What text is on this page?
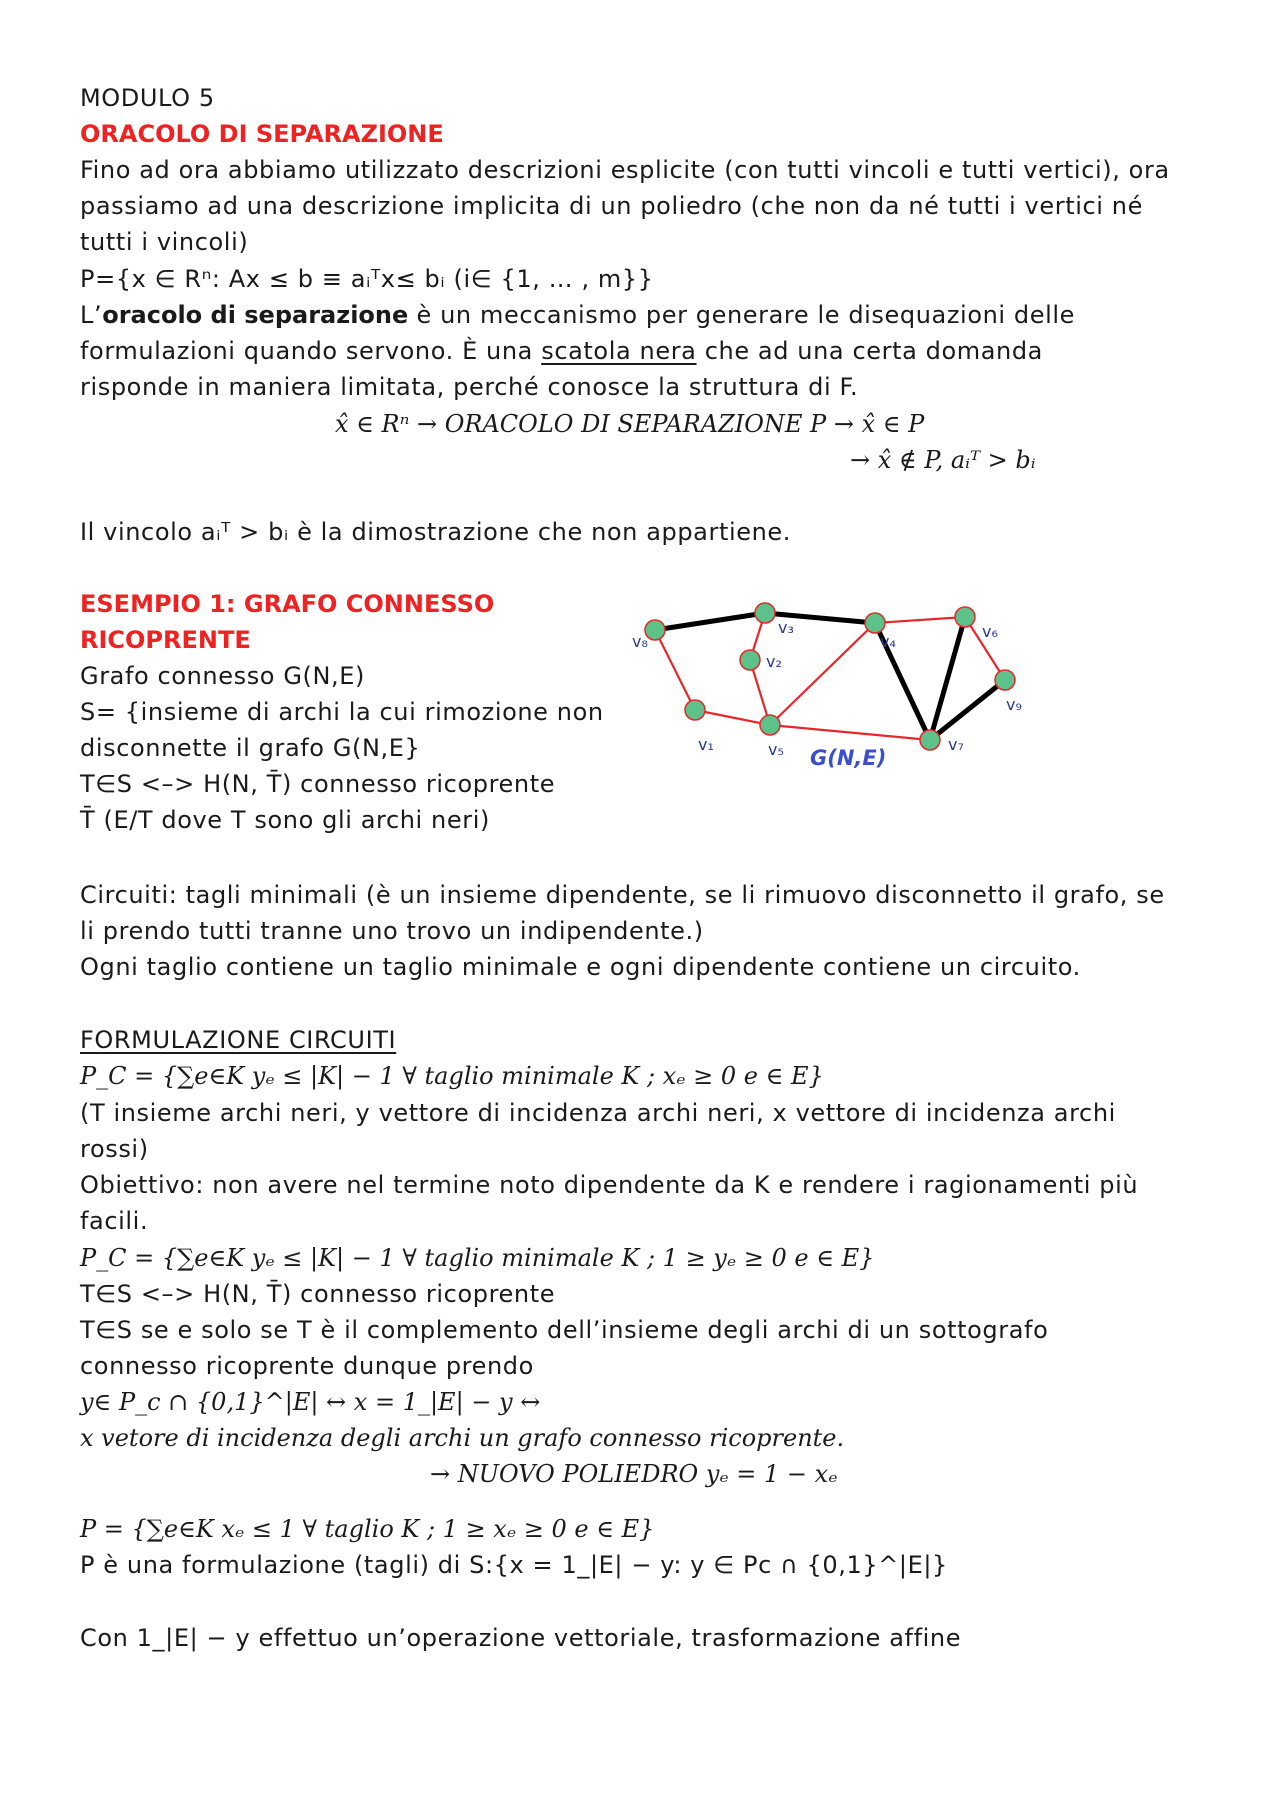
MODULO 5
ORACOLO DI SEPARAZIONE
Fino ad ora abbiamo utilizzato descrizioni esplicite (con tutti vincoli e tutti vertici), ora
passiamo ad una descrizione implicita di un poliedro (che non da né tutti i vertici né
tutti i vincoli)
P={x ∈ Rⁿ: Ax ≤ b ≡ aᵢᵀx≤ bᵢ (i∈ {1, … , m}}
L’oracolo di separazione è un meccanismo per generare le disequazioni delle
formulazioni quando servono. È una scatola nera che ad una certa domanda
risponde in maniera limitata, perché conosce la struttura di F.
x̂ ∈ Rⁿ → ORACOLO DI SEPARAZIONE P → x̂ ∈ P
→ x̂ ∉ P, aᵢᵀ > bᵢ
Il vincolo aᵢᵀ > bᵢ è la dimostrazione che non appartiene.
ESEMPIO 1: GRAFO CONNESSO
RICOPRENTE
Grafo connesso G(N,E)
S= {insieme di archi la cui rimozione non
disconnette il grafo G(N,E}
T∈S <–> H(N, T̄) connesso ricoprente
T̄ (E/T dove T sono gli archi neri)
v₁
v₂
v₃
v₄
v₅
v₆
v₇
v₈
v₉
G(N,E)
Circuiti: tagli minimali (è un insieme dipendente, se li rimuovo disconnetto il grafo, se
li prendo tutti tranne uno trovo un indipendente.)
Ogni taglio contiene un taglio minimale e ogni dipendente contiene un circuito.
FORMULAZIONE CIRCUITI
P_C = {∑e∈K yₑ ≤ |K| − 1 ∀ taglio minimale K ; xₑ ≥ 0 e ∈ E}
(T insieme archi neri, y vettore di incidenza archi neri, x vettore di incidenza archi
rossi)
Obiettivo: non avere nel termine noto dipendente da K e rendere i ragionamenti più
facili.
P_C = {∑e∈K yₑ ≤ |K| − 1 ∀ taglio minimale K ; 1 ≥ yₑ ≥ 0 e ∈ E}
T∈S <–> H(N, T̄) connesso ricoprente
T∈S se e solo se T è il complemento dell’insieme degli archi di un sottografo
connesso ricoprente dunque prendo
y∈ P_c ∩ {0,1}^|E| ↔ x = 1_|E| − y ↔
x vetore di incidenza degli archi un grafo connesso ricoprente.
→ NUOVO POLIEDRO yₑ = 1 − xₑ
P = {∑e∈K xₑ ≤ 1 ∀ taglio K ; 1 ≥ xₑ ≥ 0 e ∈ E}
P è una formulazione (tagli) di S:{x = 1_|E| − y: y ∈ Pc ∩ {0,1}^|E|}
Con 1_|E| − y effettuo un’operazione vettoriale, trasformazione affine
